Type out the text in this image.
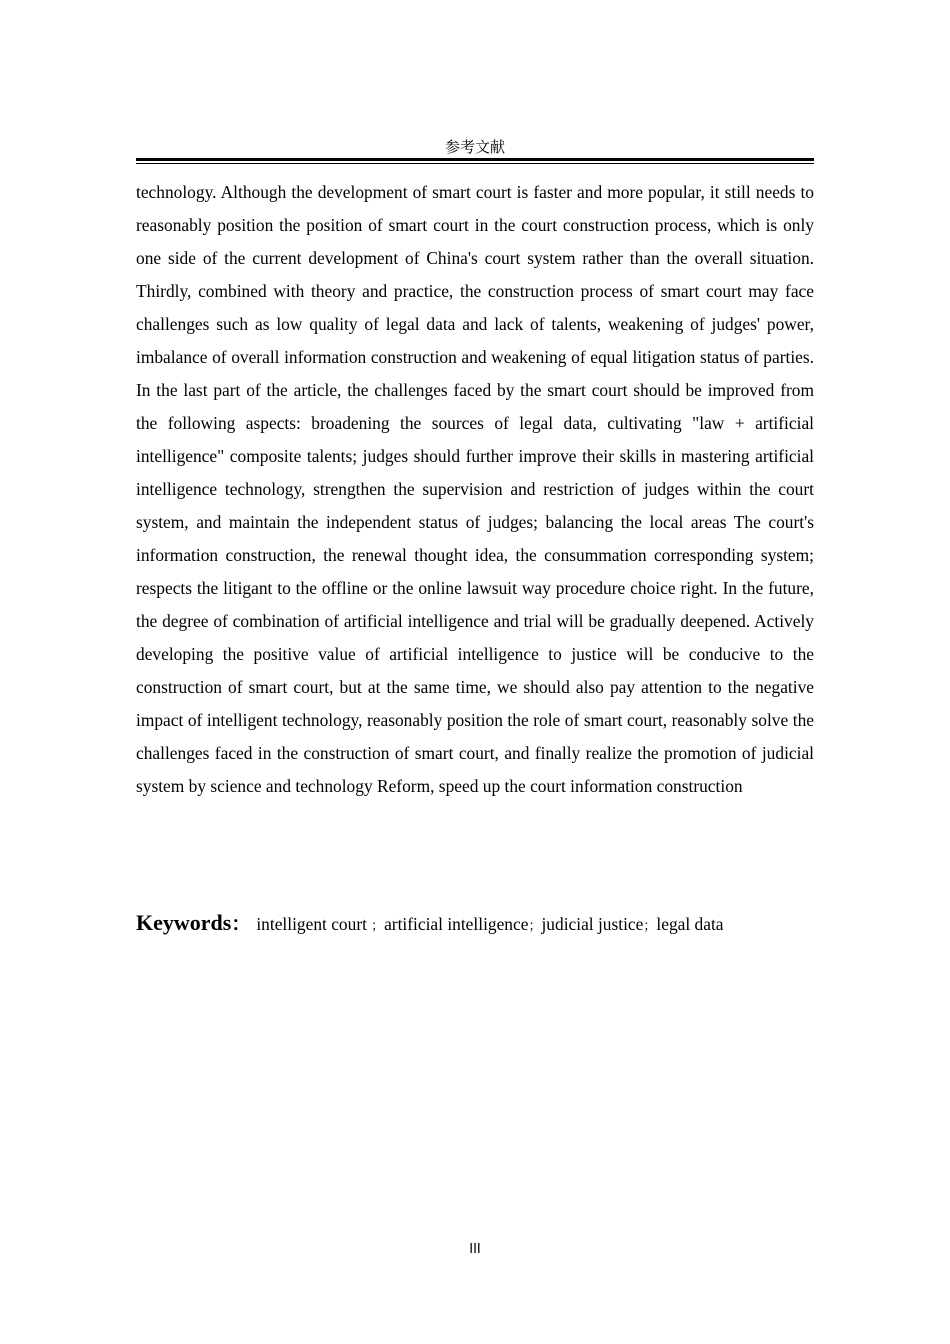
参考文献

technology. Although the development of smart court is faster and more popular, it still needs to reasonably position the position of smart court in the court construction process, which is only one side of the current development of China's court system rather than the overall situation. Thirdly, combined with theory and practice, the construction process of smart court may face challenges such as low quality of legal data and lack of talents, weakening of judges' power, imbalance of overall information construction and weakening of equal litigation status of parties. In the last part of the article, the challenges faced by the smart court should be improved from the following aspects: broadening the sources of legal data, cultivating "law + artificial intelligence" composite talents; judges should further improve their skills in mastering artificial intelligence technology, strengthen the supervision and restriction of judges within the court system, and maintain the independent status of judges; balancing the local areas The court's information construction, the renewal thought idea, the consummation corresponding system; respects the litigant to the offline or the online lawsuit way procedure choice right. In the future, the degree of combination of artificial intelligence and trial will be gradually deepened. Actively developing the positive value of artificial intelligence to justice will be conducive to the construction of smart court, but at the same time, we should also pay attention to the negative impact of intelligent technology, reasonably position the role of smart court, reasonably solve the challenges faced in the construction of smart court, and finally realize the promotion of judicial system by science and technology Reform, speed up the court information construction

Keywords： intelligent court ；artificial intelligence；judicial justice；legal data

III
